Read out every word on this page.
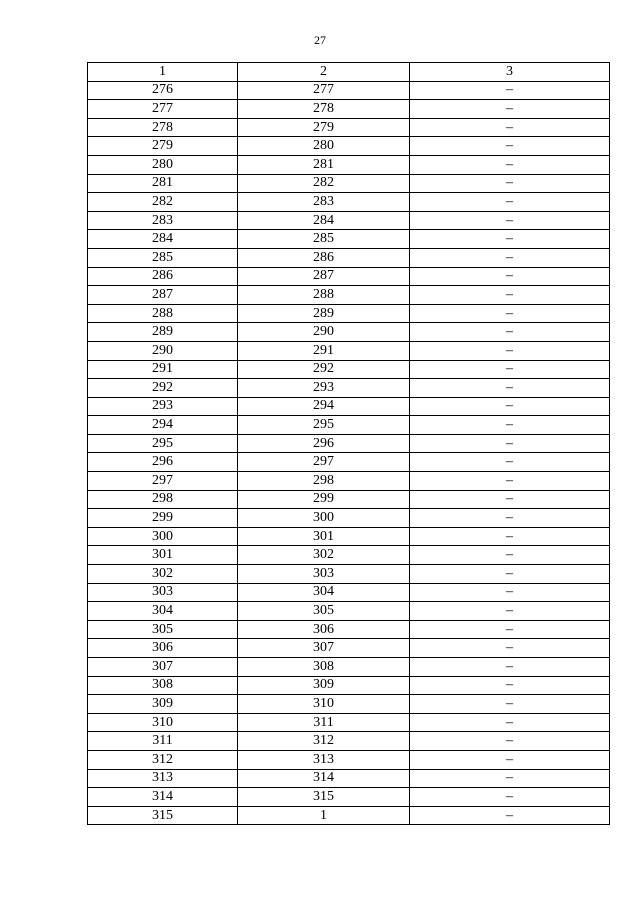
27
1	2	3
276	277	–
277	278	–
278	279	–
279	280	–
280	281	–
281	282	–
282	283	–
283	284	–
284	285	–
285	286	–
286	287	–
287	288	–
288	289	–
289	290	–
290	291	–
291	292	–
292	293	–
293	294	–
294	295	–
295	296	–
296	297	–
297	298	–
298	299	–
299	300	–
300	301	–
301	302	–
302	303	–
303	304	–
304	305	–
305	306	–
306	307	–
307	308	–
308	309	–
309	310	–
310	311	–
311	312	–
312	313	–
313	314	–
314	315	–
315	1	–
